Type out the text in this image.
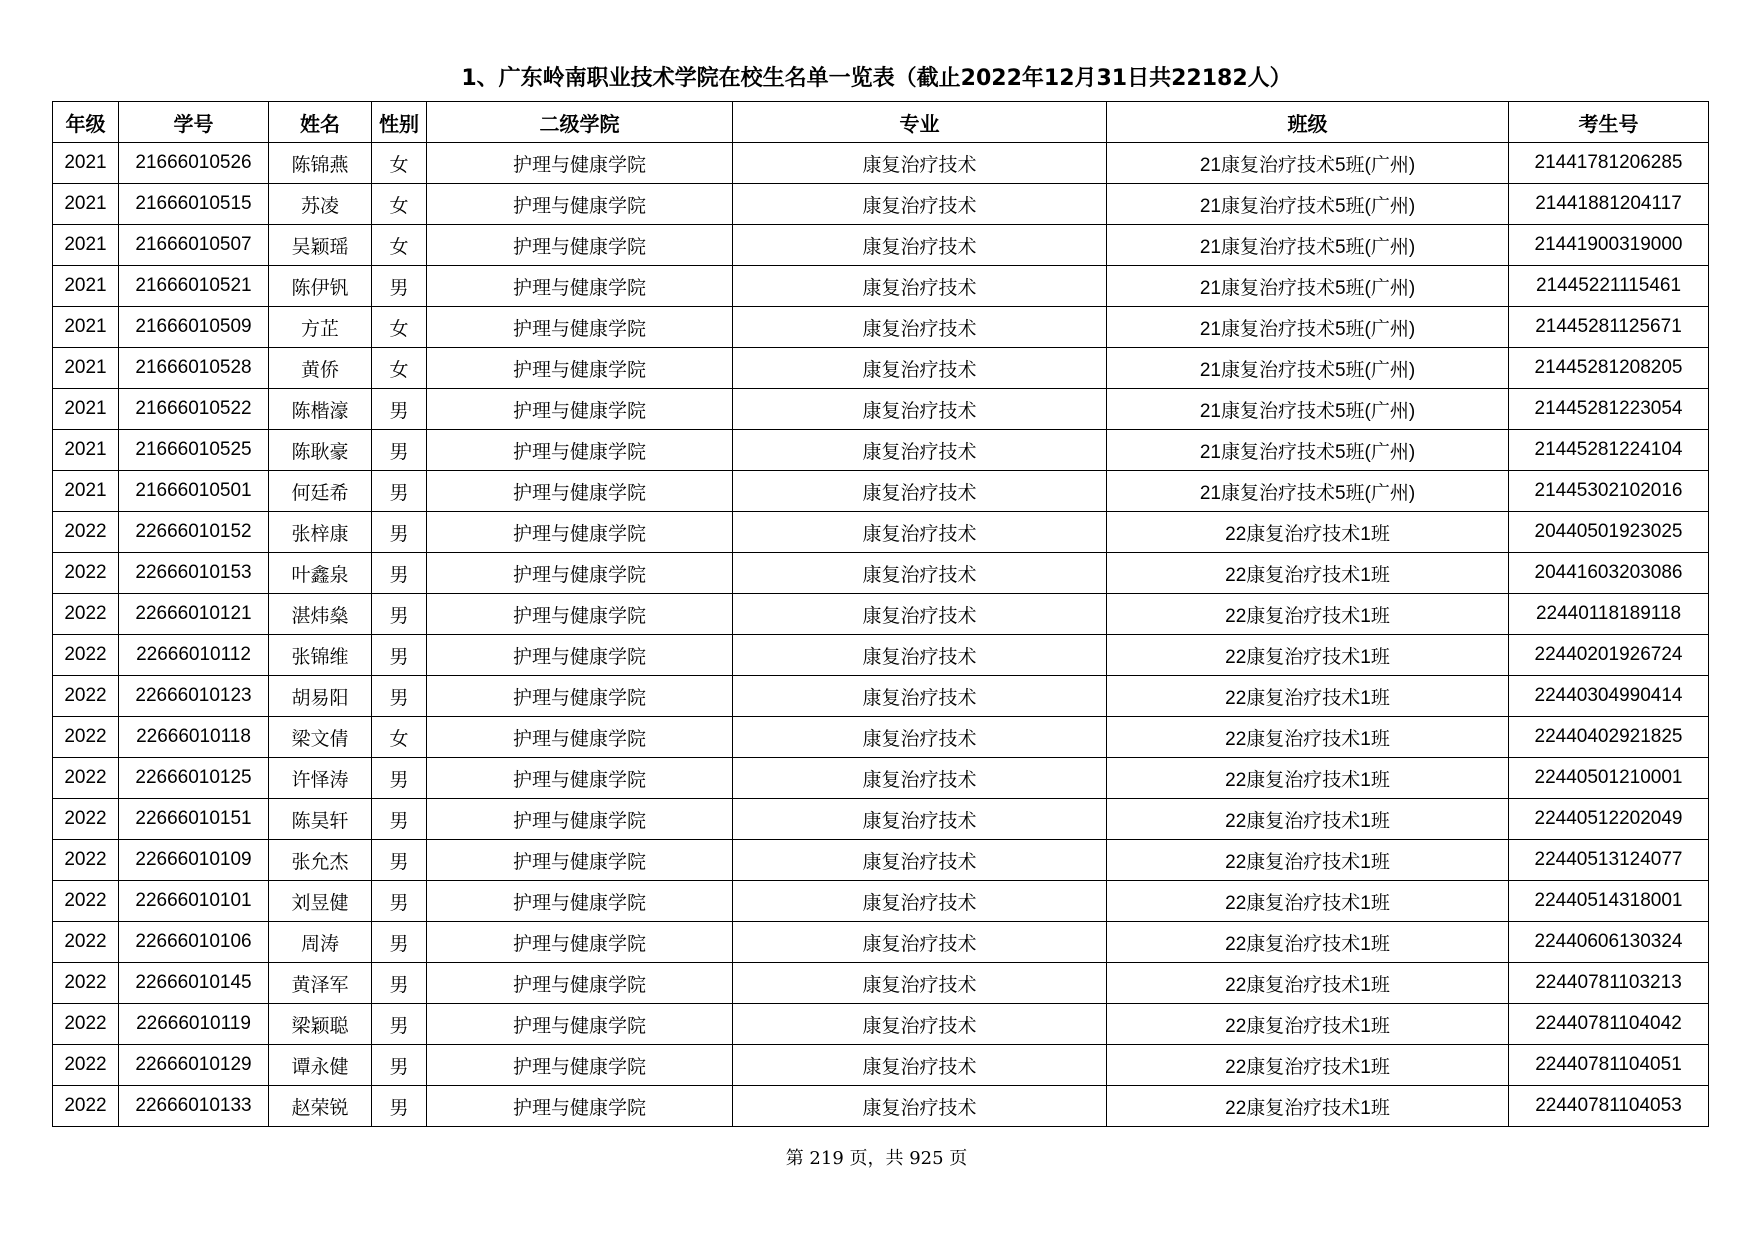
1、广东岭南职业技术学院在校生名单一览表（截止2022年12月31日共22182人）
年级	学号	姓名	性别	二级学院	专业	班级	考生号
2021	21666010526	陈锦燕	女	护理与健康学院	康复治疗技术	21康复治疗技术5班(广州)	21441781206285
2021	21666010515	苏凌	女	护理与健康学院	康复治疗技术	21康复治疗技术5班(广州)	21441881204117
2021	21666010507	吴颖瑶	女	护理与健康学院	康复治疗技术	21康复治疗技术5班(广州)	21441900319000
2021	21666010521	陈伊钒	男	护理与健康学院	康复治疗技术	21康复治疗技术5班(广州)	21445221115461
2021	21666010509	方芷	女	护理与健康学院	康复治疗技术	21康复治疗技术5班(广州)	21445281125671
2021	21666010528	黄侨	女	护理与健康学院	康复治疗技术	21康复治疗技术5班(广州)	21445281208205
2021	21666010522	陈楷濠	男	护理与健康学院	康复治疗技术	21康复治疗技术5班(广州)	21445281223054
2021	21666010525	陈耿豪	男	护理与健康学院	康复治疗技术	21康复治疗技术5班(广州)	21445281224104
2021	21666010501	何廷希	男	护理与健康学院	康复治疗技术	21康复治疗技术5班(广州)	21445302102016
2022	22666010152	张梓康	男	护理与健康学院	康复治疗技术	22康复治疗技术1班	20440501923025
2022	22666010153	叶鑫泉	男	护理与健康学院	康复治疗技术	22康复治疗技术1班	20441603203086
2022	22666010121	湛炜燊	男	护理与健康学院	康复治疗技术	22康复治疗技术1班	22440118189118
2022	22666010112	张锦维	男	护理与健康学院	康复治疗技术	22康复治疗技术1班	22440201926724
2022	22666010123	胡易阳	男	护理与健康学院	康复治疗技术	22康复治疗技术1班	22440304990414
2022	22666010118	梁文倩	女	护理与健康学院	康复治疗技术	22康复治疗技术1班	22440402921825
2022	22666010125	许怿涛	男	护理与健康学院	康复治疗技术	22康复治疗技术1班	22440501210001
2022	22666010151	陈昊轩	男	护理与健康学院	康复治疗技术	22康复治疗技术1班	22440512202049
2022	22666010109	张允杰	男	护理与健康学院	康复治疗技术	22康复治疗技术1班	22440513124077
2022	22666010101	刘昱健	男	护理与健康学院	康复治疗技术	22康复治疗技术1班	22440514318001
2022	22666010106	周涛	男	护理与健康学院	康复治疗技术	22康复治疗技术1班	22440606130324
2022	22666010145	黄泽军	男	护理与健康学院	康复治疗技术	22康复治疗技术1班	22440781103213
2022	22666010119	梁颖聪	男	护理与健康学院	康复治疗技术	22康复治疗技术1班	22440781104042
2022	22666010129	谭永健	男	护理与健康学院	康复治疗技术	22康复治疗技术1班	22440781104051
2022	22666010133	赵荣锐	男	护理与健康学院	康复治疗技术	22康复治疗技术1班	22440781104053
第 219 页，共 925 页
